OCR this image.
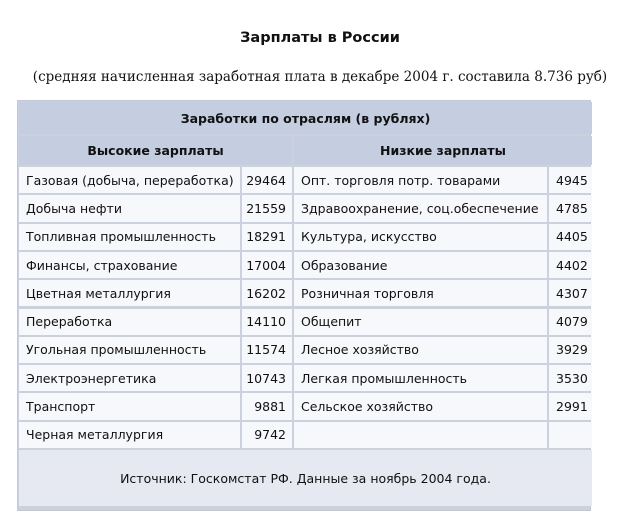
Зарплаты в России
(средняя начисленная заработная плата в декабре 2004 г. составила 8.736 руб)
Заработки по отраслям (в рублях)
Высокие зарплаты	Низкие зарплаты
Газовая (добыча, переработка)	29464	Опт. торговля потр. товарами	4945
Добыча нефти	21559	Здравоохранение, соц.обеспечение	4785
Топливная промышленность	18291	Культура, искусство	4405
Финансы, страхование	17004	Образование	4402
Цветная металлургия	16202	Розничная торговля	4307
Переработка	14110	Общепит	4079
Угольная промышленность	11574	Лесное хозяйство	3929
Электроэнергетика	10743	Легкая промышленность	3530
Транспорт	9881	Сельское хозяйство	2991
Черная металлургия	9742
Источник: Госкомстат РФ. Данные за ноябрь 2004 года.
